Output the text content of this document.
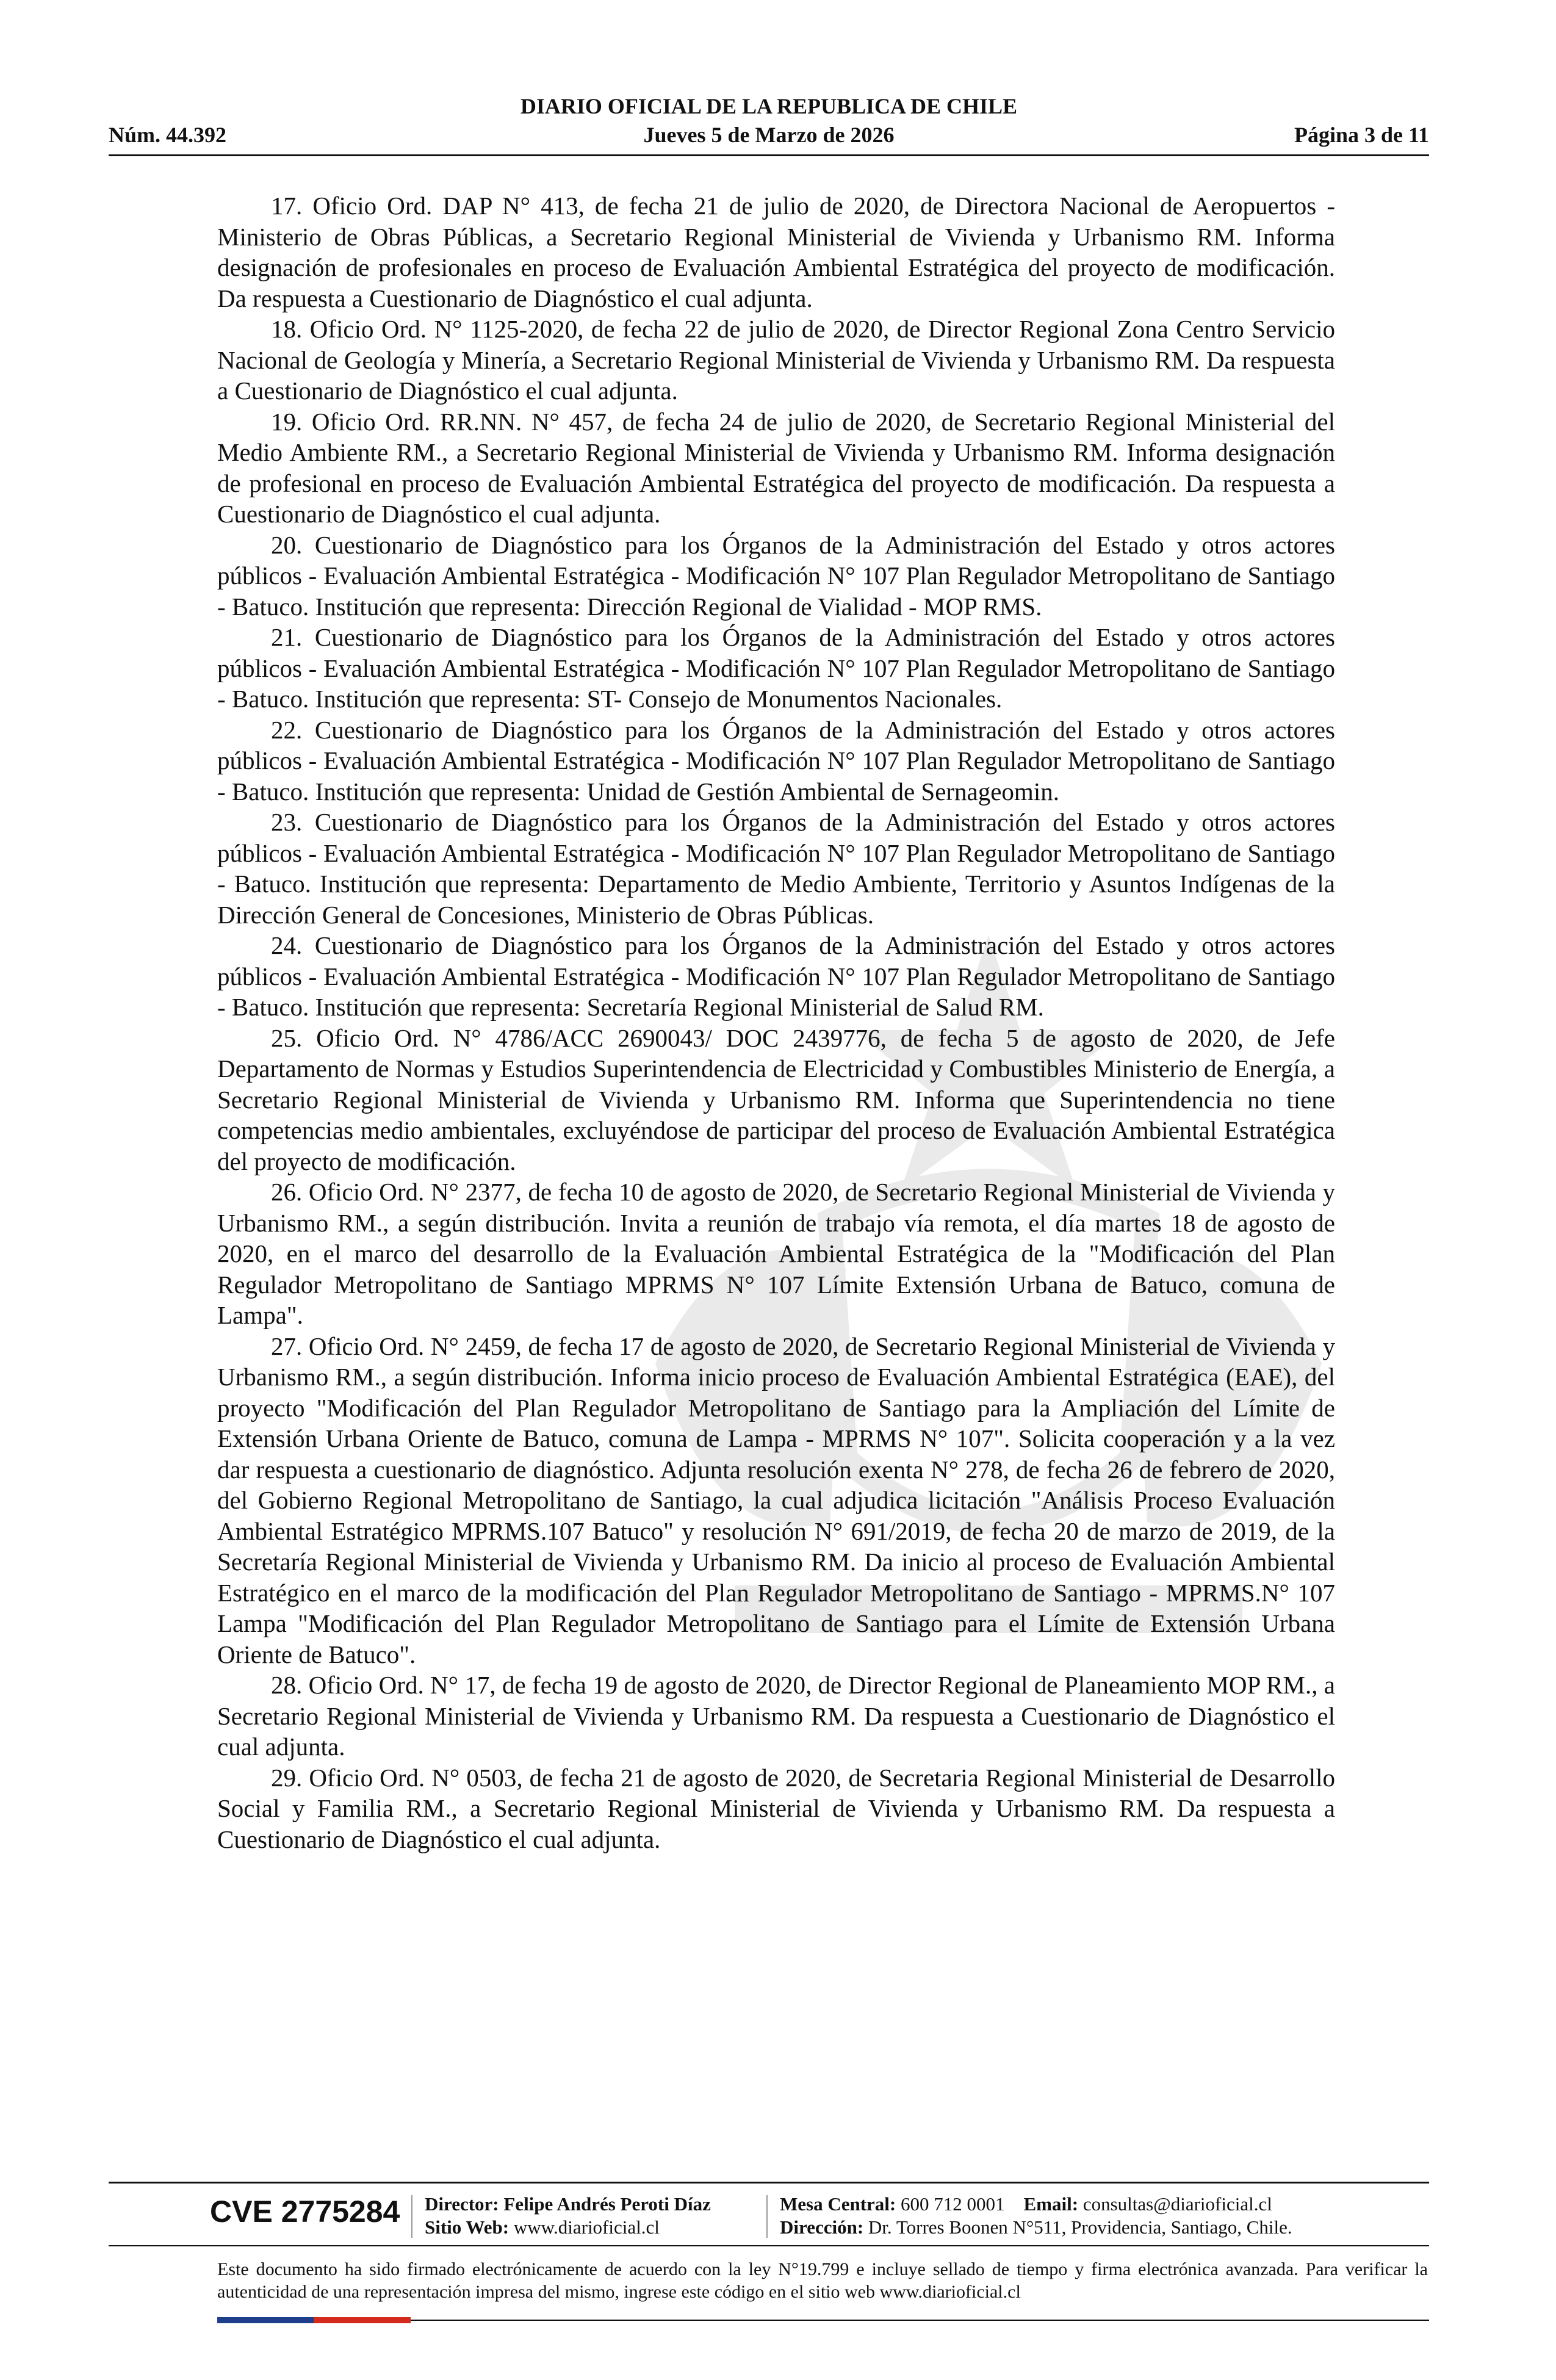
DIARIO OFICIAL DE LA REPUBLICA DE CHILE
Núm. 44.392	Jueves 5 de Marzo de 2026	Página 3 de 11

17. Oficio Ord. DAP N° 413, de fecha 21 de julio de 2020, de Directora Nacional de Aeropuertos - Ministerio de Obras Públicas, a Secretario Regional Ministerial de Vivienda y Urbanismo RM. Informa designación de profesionales en proceso de Evaluación Ambiental Estratégica del proyecto de modificación. Da respuesta a Cuestionario de Diagnóstico el cual adjunta.

18. Oficio Ord. N° 1125-2020, de fecha 22 de julio de 2020, de Director Regional Zona Centro Servicio Nacional de Geología y Minería, a Secretario Regional Ministerial de Vivienda y Urbanismo RM. Da respuesta a Cuestionario de Diagnóstico el cual adjunta.

19. Oficio Ord. RR.NN. N° 457, de fecha 24 de julio de 2020, de Secretario Regional Ministerial del Medio Ambiente RM., a Secretario Regional Ministerial de Vivienda y Urbanismo RM. Informa designación de profesional en proceso de Evaluación Ambiental Estratégica del proyecto de modificación. Da respuesta a Cuestionario de Diagnóstico el cual adjunta.

20. Cuestionario de Diagnóstico para los Órganos de la Administración del Estado y otros actores públicos - Evaluación Ambiental Estratégica - Modificación N° 107 Plan Regulador Metropolitano de Santiago - Batuco. Institución que representa: Dirección Regional de Vialidad - MOP RMS.

21. Cuestionario de Diagnóstico para los Órganos de la Administración del Estado y otros actores públicos - Evaluación Ambiental Estratégica - Modificación N° 107 Plan Regulador Metropolitano de Santiago - Batuco. Institución que representa: ST- Consejo de Monumentos Nacionales.

22. Cuestionario de Diagnóstico para los Órganos de la Administración del Estado y otros actores públicos - Evaluación Ambiental Estratégica - Modificación N° 107 Plan Regulador Metropolitano de Santiago - Batuco. Institución que representa: Unidad de Gestión Ambiental de Sernageomin.

23. Cuestionario de Diagnóstico para los Órganos de la Administración del Estado y otros actores públicos - Evaluación Ambiental Estratégica - Modificación N° 107 Plan Regulador Metropolitano de Santiago - Batuco. Institución que representa: Departamento de Medio Ambiente, Territorio y Asuntos Indígenas de la Dirección General de Concesiones, Ministerio de Obras Públicas.

24. Cuestionario de Diagnóstico para los Órganos de la Administración del Estado y otros actores públicos - Evaluación Ambiental Estratégica - Modificación N° 107 Plan Regulador Metropolitano de Santiago - Batuco. Institución que representa: Secretaría Regional Ministerial de Salud RM.

25. Oficio Ord. N° 4786/ACC 2690043/ DOC 2439776, de fecha 5 de agosto de 2020, de Jefe Departamento de Normas y Estudios Superintendencia de Electricidad y Combustibles Ministerio de Energía, a Secretario Regional Ministerial de Vivienda y Urbanismo RM. Informa que Superintendencia no tiene competencias medio ambientales, excluyéndose de participar del proceso de Evaluación Ambiental Estratégica del proyecto de modificación.

26. Oficio Ord. N° 2377, de fecha 10 de agosto de 2020, de Secretario Regional Ministerial de Vivienda y Urbanismo RM., a según distribución. Invita a reunión de trabajo vía remota, el día martes 18 de agosto de 2020, en el marco del desarrollo de la Evaluación Ambiental Estratégica de la "Modificación del Plan Regulador Metropolitano de Santiago MPRMS N° 107 Límite Extensión Urbana de Batuco, comuna de Lampa".

27. Oficio Ord. N° 2459, de fecha 17 de agosto de 2020, de Secretario Regional Ministerial de Vivienda y Urbanismo RM., a según distribución. Informa inicio proceso de Evaluación Ambiental Estratégica (EAE), del proyecto "Modificación del Plan Regulador Metropolitano de Santiago para la Ampliación del Límite de Extensión Urbana Oriente de Batuco, comuna de Lampa - MPRMS N° 107". Solicita cooperación y a la vez dar respuesta a cuestionario de diagnóstico. Adjunta resolución exenta N° 278, de fecha 26 de febrero de 2020, del Gobierno Regional Metropolitano de Santiago, la cual adjudica licitación "Análisis Proceso Evaluación Ambiental Estratégico MPRMS.107 Batuco" y resolución N° 691/2019, de fecha 20 de marzo de 2019, de la Secretaría Regional Ministerial de Vivienda y Urbanismo RM. Da inicio al proceso de Evaluación Ambiental Estratégico en el marco de la modificación del Plan Regulador Metropolitano de Santiago - MPRMS.N° 107 Lampa "Modificación del Plan Regulador Metropolitano de Santiago para el Límite de Extensión Urbana Oriente de Batuco".

28. Oficio Ord. N° 17, de fecha 19 de agosto de 2020, de Director Regional de Planeamiento MOP RM., a Secretario Regional Ministerial de Vivienda y Urbanismo RM. Da respuesta a Cuestionario de Diagnóstico el cual adjunta.

29. Oficio Ord. N° 0503, de fecha 21 de agosto de 2020, de Secretaria Regional Ministerial de Desarrollo Social y Familia RM., a Secretario Regional Ministerial de Vivienda y Urbanismo RM. Da respuesta a Cuestionario de Diagnóstico el cual adjunta.

CVE 2775284 Director: Felipe Andrés Peroti Díaz
Sitio Web: www.diarioficial.cl
Mesa Central: 600 712 0001 Email: consultas@diarioficial.cl
Dirección: Dr. Torres Boonen N°511, Providencia, Santiago, Chile.
Este documento ha sido firmado electrónicamente de acuerdo con la ley N°19.799 e incluye sellado de tiempo y firma electrónica avanzada. Para verificar la autenticidad de una representación impresa del mismo, ingrese este código en el sitio web www.diarioficial.cl
